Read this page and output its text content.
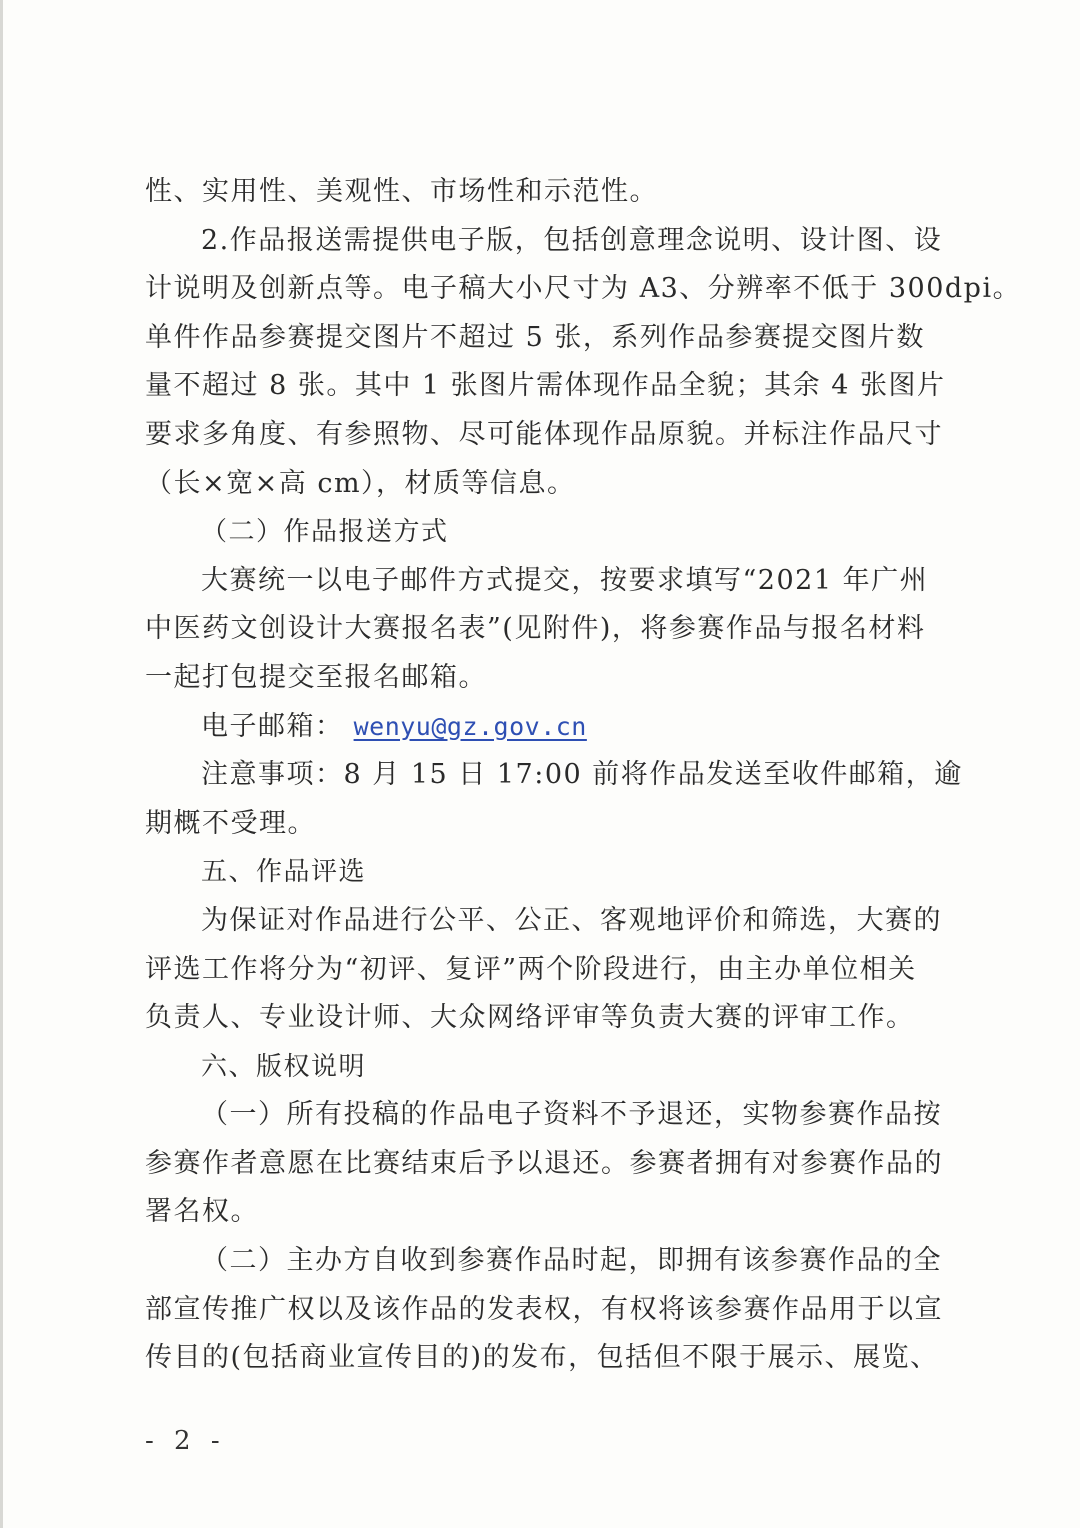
性、实用性、美观性、市场性和示范性。
2.作品报送需提供电子版，包括创意理念说明、设计图、设
计说明及创新点等。电子稿大小尺寸为 A3、分辨率不低于 300dpi。
单件作品参赛提交图片不超过 5 张，系列作品参赛提交图片数
量不超过 8 张。其中 1 张图片需体现作品全貌；其余 4 张图片
要求多角度、有参照物、尽可能体现作品原貌。并标注作品尺寸
（长×宽×高 cm），材质等信息。
（二）作品报送方式
大赛统一以电子邮件方式提交，按要求填写“2021 年广州
中医药文创设计大赛报名表”(见附件)，将参赛作品与报名材料
一起打包提交至报名邮箱。
电子邮箱： wenyu@gz.gov.cn
注意事项：8 月 15 日 17:00 前将作品发送至收件邮箱，逾
期概不受理。
五、作品评选
为保证对作品进行公平、公正、客观地评价和筛选，大赛的
评选工作将分为“初评、复评”两个阶段进行，由主办单位相关
负责人、专业设计师、大众网络评审等负责大赛的评审工作。
六、版权说明
（一）所有投稿的作品电子资料不予退还，实物参赛作品按
参赛作者意愿在比赛结束后予以退还。参赛者拥有对参赛作品的
署名权。
（二）主办方自收到参赛作品时起，即拥有该参赛作品的全
部宣传推广权以及该作品的发表权，有权将该参赛作品用于以宣
传目的(包括商业宣传目的)的发布，包括但不限于展示、展览、
- 2 -
